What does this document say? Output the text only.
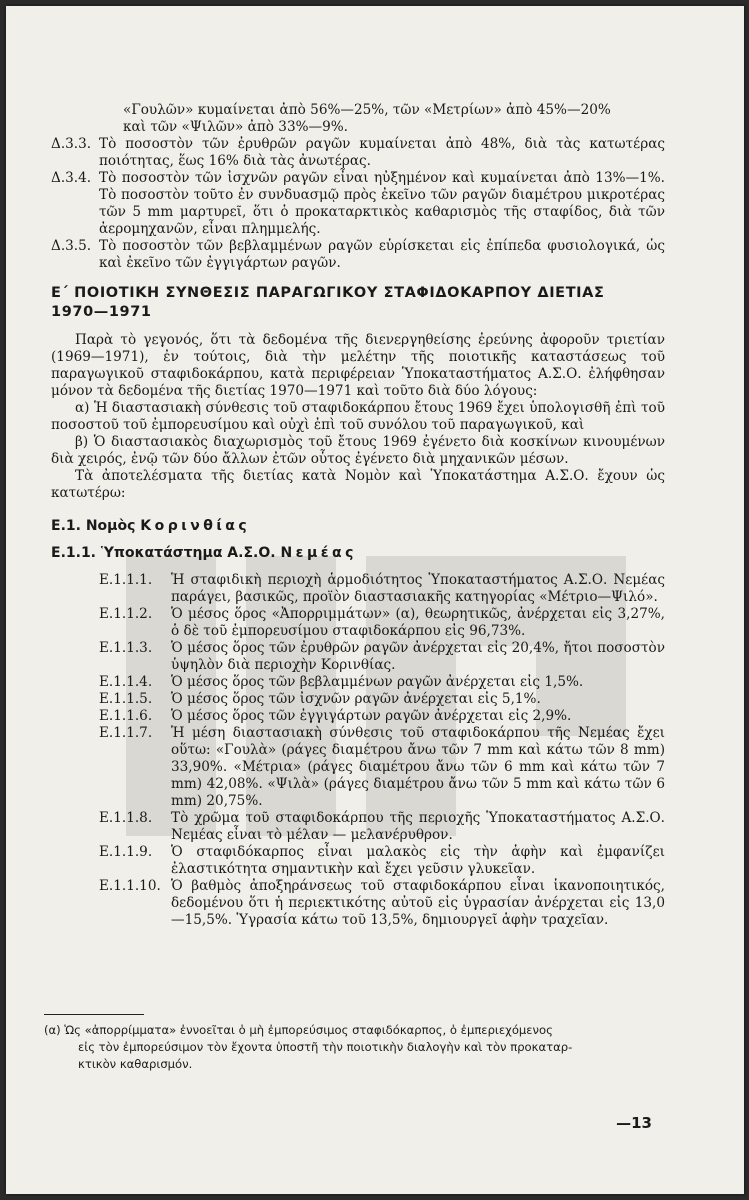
«Γουλῶν» κυμαίνεται ἀπὸ 56%—25%, τῶν «Μετρίων» ἀπὸ 45%—20%

καὶ τῶν «Ψιλῶν» ἀπὸ 33%—9%.

Δ.3.3. Τὸ ποσοστὸν τῶν ἐρυθρῶν ραγῶν κυμαίνεται ἀπὸ 48%, διὰ τὰς κατωτέρας ποιότητας, ἕως 16% διὰ τὰς ἀνωτέρας.
Δ.3.4. Τὸ ποσοστὸν τῶν ἰσχνῶν ραγῶν εἶναι ηὐξημένον καὶ κυμαίνεται ἀπὸ 13%—1%. Τὸ ποσοστὸν τοῦτο ἐν συνδυασμῷ πρὸς ἐκεῖνο τῶν ραγῶν διαμέτρου μικροτέρας τῶν 5 mm μαρτυρεῖ, ὅτι ὁ προκαταρκτικὸς καθαρισμὸς τῆς σταφίδος, διὰ τῶν ἀερομηχανῶν, εἶναι πλημμελής.
Δ.3.5. Τὸ ποσοστὸν τῶν βεβλαμμένων ραγῶν εὑρίσκεται εἰς ἐπίπεδα φυσιολογικά, ὡς καὶ ἐκεῖνο τῶν ἐγγιγάρτων ραγῶν.

Ε΄ ΠΟΙΟΤΙΚΗ ΣΥΝΘΕΣΙΣ ΠΑΡΑΓΩΓΙΚΟΥ ΣΤΑΦΙΔΟΚΑΡΠΟΥ ΔΙΕΤΙΑΣ

1970—1971

Παρὰ τὸ γεγονός, ὅτι τὰ δεδομένα τῆς διενεργηθείσης ἐρεύνης ἀφοροῦν τριετίαν (1969—1971), ἐν τούτοις, διὰ τὴν μελέτην τῆς ποιοτικῆς καταστάσεως τοῦ παραγωγικοῦ σταφιδοκάρπου, κατὰ περιφέρειαν Ὑποκαταστήματος Α.Σ.Ο. ἐλήφθησαν μόνον τὰ δεδομένα τῆς διετίας 1970—1971 καὶ τοῦτο διὰ δύο λόγους:

α) Ἡ διαστασιακὴ σύνθεσις τοῦ σταφιδοκάρπου ἔτους 1969 ἔχει ὑπολογισθῆ ἐπὶ τοῦ ποσοστοῦ τοῦ ἐμπορευσίμου καὶ οὐχὶ ἐπὶ τοῦ συνόλου τοῦ παραγωγικοῦ, καὶ

β) Ὁ διαστασιακὸς διαχωρισμὸς τοῦ ἔτους 1969 ἐγένετο διὰ κοσκίνων κινουμένων διὰ χειρός, ἐνῷ τῶν δύο ἄλλων ἐτῶν οὗτος ἐγένετο διὰ μηχανικῶν μέσων.

Τὰ ἀποτελέσματα τῆς διετίας κατὰ Νομὸν καὶ Ὑποκατάστημα Α.Σ.Ο. ἔχουν ὡς κατωτέρω:

Ε.1. Νομὸς Κορινθίας

Ε.1.1. Ὑποκατάστημα Α.Σ.Ο. Νεμέας

Ε.1.1.1.	Ἡ σταφιδικὴ περιοχὴ ἁρμοδιότητος Ὑποκαταστήματος Α.Σ.Ο. Νεμέας παράγει, βασικῶς, προϊὸν διαστασιακῆς κατηγορίας «Μέτριο—Ψιλό».
Ε.1.1.2.	Ὁ μέσος ὅρος «Ἀπορριμμάτων» (α), θεωρητικῶς, ἀνέρχεται εἰς 3,27%, ὁ δὲ τοῦ ἐμπορευσίμου σταφιδοκάρπου εἰς 96,73%.
Ε.1.1.3.	Ὁ μέσος ὅρος τῶν ἐρυθρῶν ραγῶν ἀνέρχεται εἰς 20,4%, ἤτοι ποσοστὸν ὑψηλὸν διὰ περιοχὴν Κορινθίας.
Ε.1.1.4.	Ὁ μέσος ὅρος τῶν βεβλαμμένων ραγῶν ἀνέρχεται εἰς 1,5%.
Ε.1.1.5.	Ὁ μέσος ὅρος τῶν ἰσχνῶν ραγῶν ἀνέρχεται εἰς 5,1%.
Ε.1.1.6.	Ὁ μέσος ὅρος τῶν ἐγγιγάρτων ραγῶν ἀνέρχεται εἰς 2,9%.
Ε.1.1.7.	Ἡ μέση διαστασιακὴ σύνθεσις τοῦ σταφιδοκάρπου τῆς Νεμέας ἔχει οὕτω: «Γουλὰ» (ράγες διαμέτρου ἄνω τῶν 7 mm καὶ κάτω τῶν 8 mm) 33,90%. «Μέτρια» (ράγες διαμέτρου ἄνω τῶν 6 mm καὶ κάτω τῶν 7 mm) 42,08%. «Ψιλὰ» (ράγες διαμέτρου ἄνω τῶν 5 mm καὶ κάτω τῶν 6 mm) 20,75%.
Ε.1.1.8.	Τὸ χρῶμα τοῦ σταφιδοκάρπου τῆς περιοχῆς Ὑποκαταστήματος Α.Σ.Ο. Νεμέας εἶναι τὸ μέλαν — μελανέρυθρον.
Ε.1.1.9.	Ὁ σταφιδόκαρπος εἶναι μαλακὸς εἰς τὴν ἁφὴν καὶ ἐμφανίζει ἐλαστικότητα σημαντικὴν καὶ ἔχει γεῦσιν γλυκεῖαν.
Ε.1.1.10. Ὁ βαθμὸς ἀποξηράνσεως τοῦ σταφιδοκάρπου εἶναι ἱκανοποιητικός, δεδομένου ὅτι ἡ περιεκτικότης αὐτοῦ εἰς ὑγρασίαν ἀνέρχεται εἰς 13,0—15,5%. Ὑγρασία κάτω τοῦ 13,5%, δημιουργεῖ ἁφὴν τραχεῖαν.
(α) Ὡς «ἀπορρίμματα» ἐννοεῖται ὁ μὴ ἐμπορεύσιμος σταφιδόκαρπος, ὁ ἐμπεριεχόμενος
εἰς τὸν ἐμπορεύσιμον τὸν ἔχοντα ὑποστῆ τὴν ποιοτικὴν διαλογὴν καὶ τὸν προκαταρ-
κτικὸν καθαρισμόν.
—13
